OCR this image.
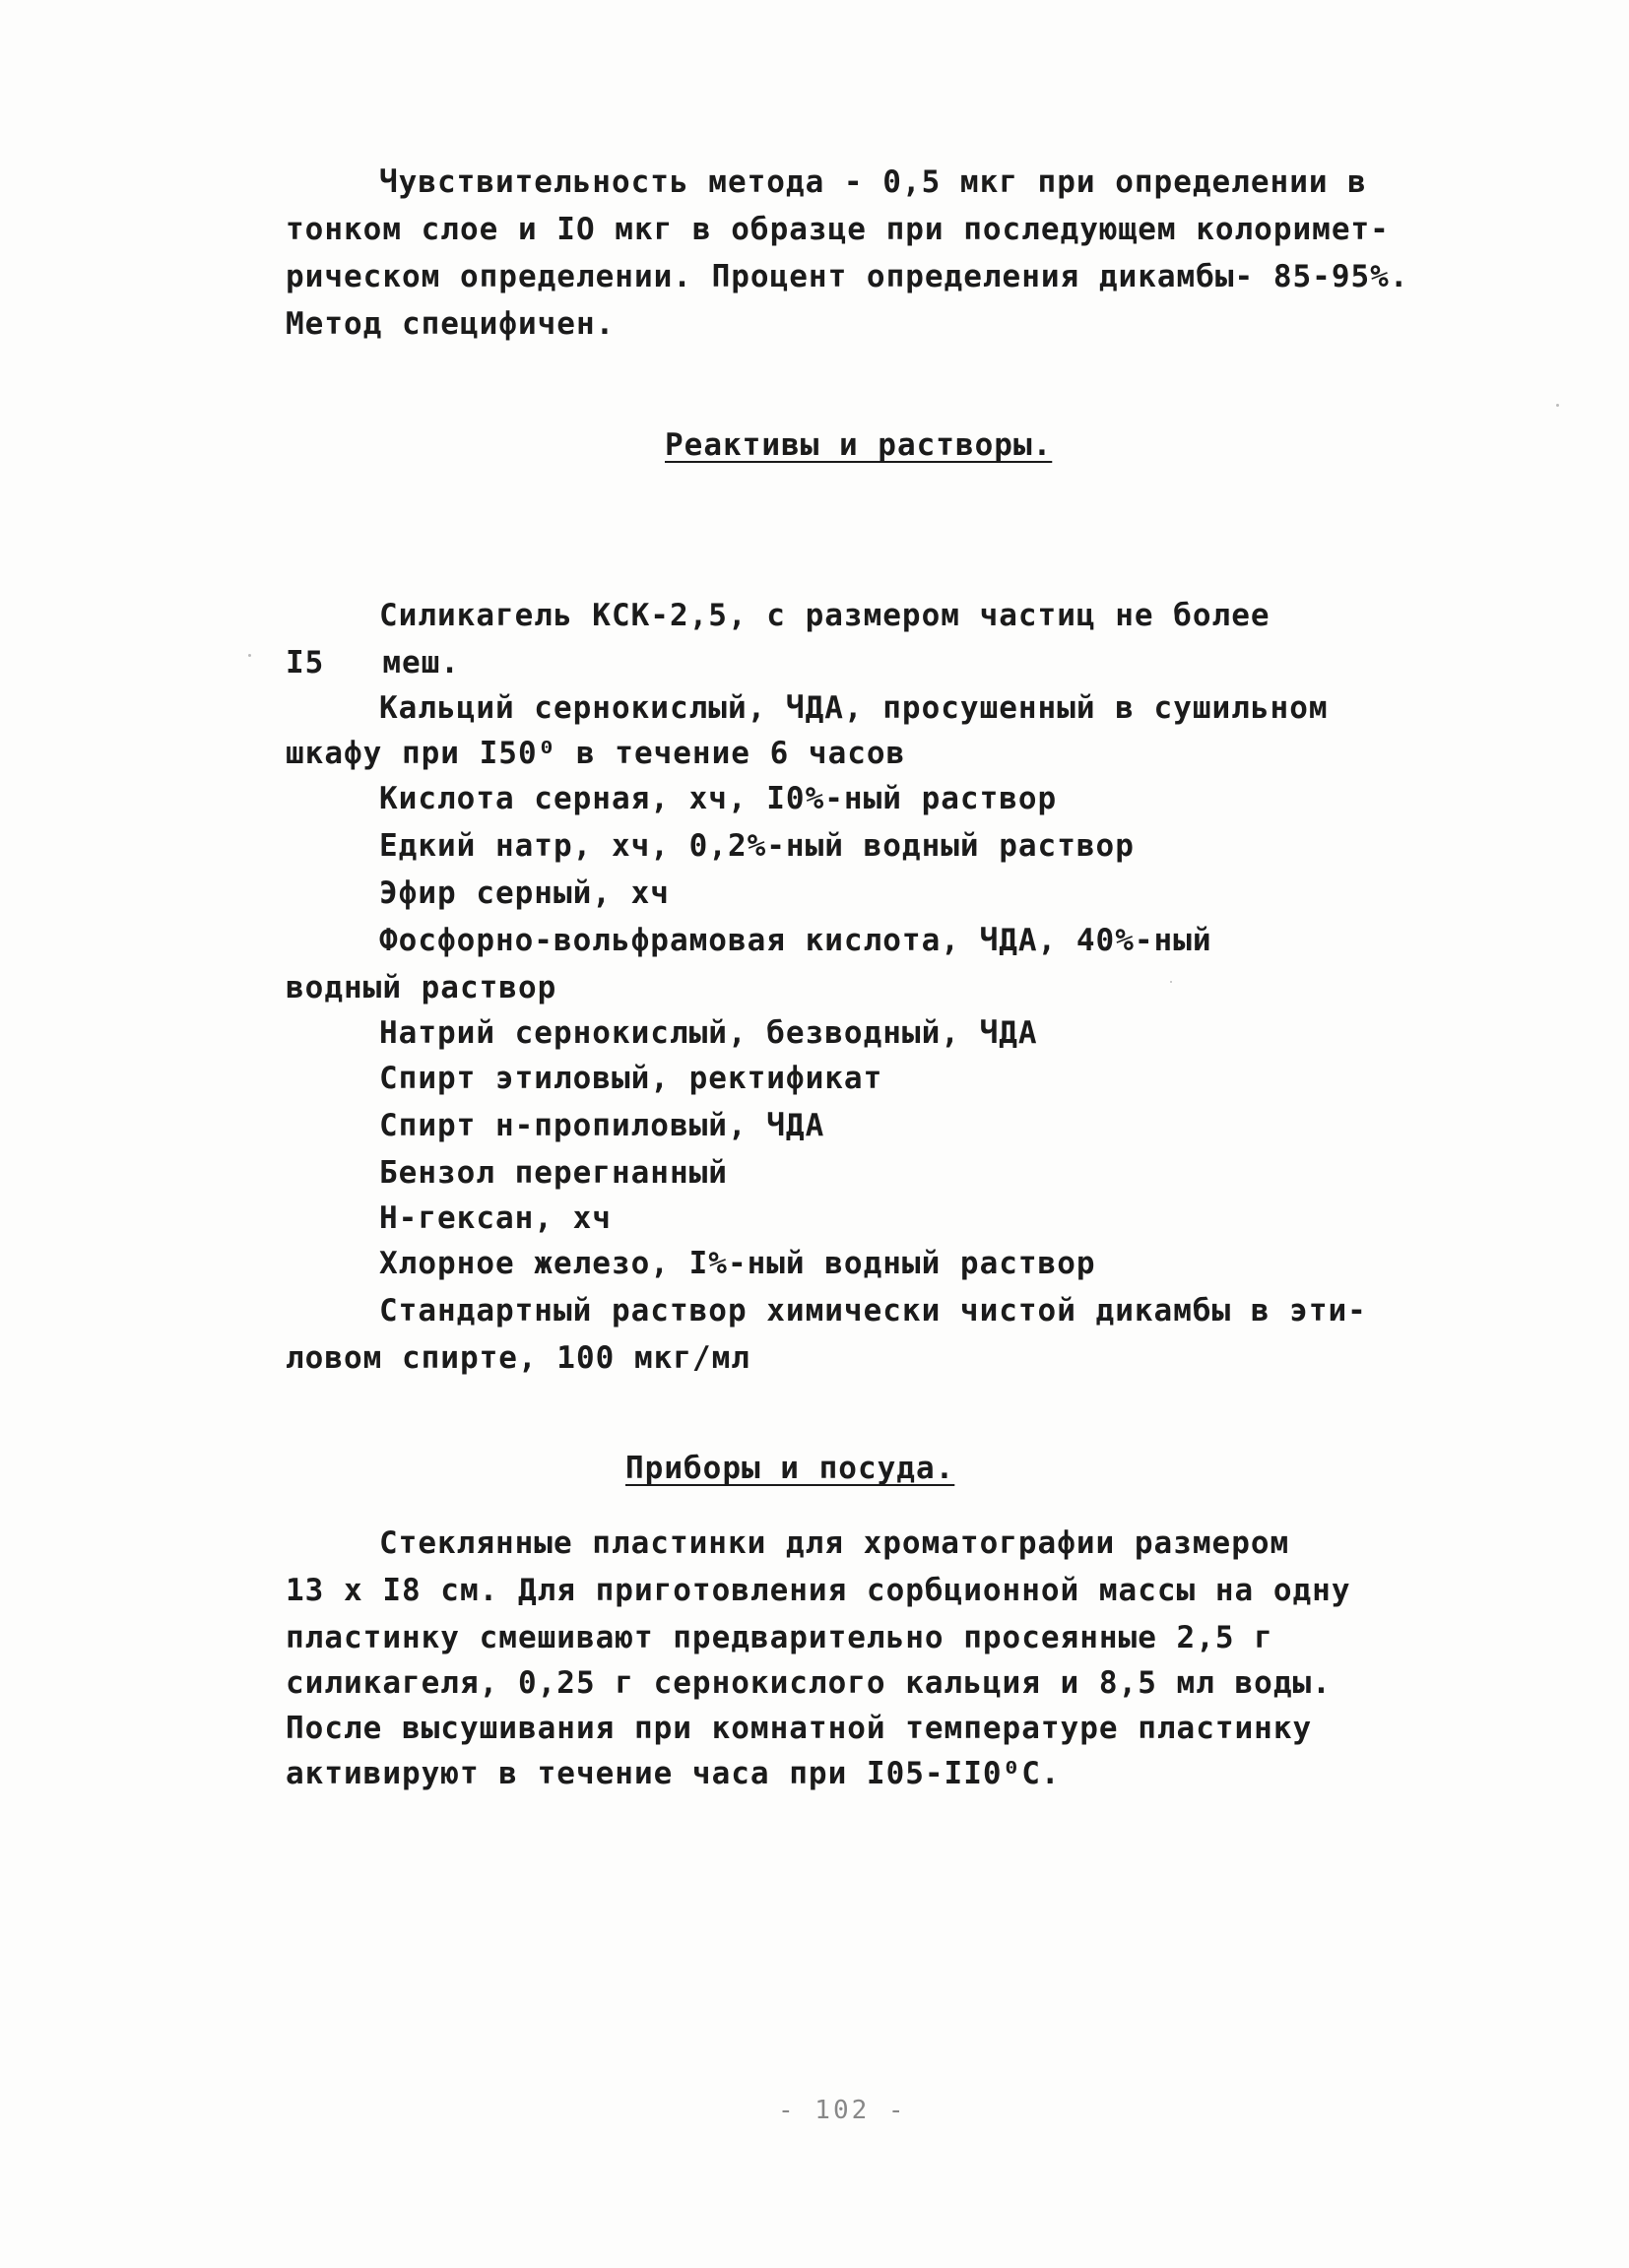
Чувствительность метода - 0,5 мкг при определении в
тонком слое и IO мкг в образце при последующем колоримет-
рическом определении. Процент определения дикамбы- 85-95%.
Метод специфичен.
Реактивы и растворы.
Силикагель КСК-2,5, с размером частиц не более
I5   меш.
Кальций сернокислый, ЧДА, просушенный в сушильном
шкафу при I50⁰ в течение 6 часов
Кислота серная, хч, I0%-ный раствор
Едкий натр, хч, 0,2%-ный водный раствор
Эфир серный, хч
Фосфорно-вольфрамовая кислота, ЧДА, 40%-ный
водный раствор
Натрий сернокислый, безводный, ЧДА
Спирт этиловый, ректификат
Спирт н-пропиловый, ЧДА
Бензол перегнанный
Н-гексан, хч
Хлорное железо, I%-ный водный раствор
Стандартный раствор химически чистой дикамбы в эти-
ловом спирте, 100 мкг/мл
Приборы и посуда.
Стеклянные пластинки для хроматографии размером
13 х I8 см. Для приготовления сорбционной массы на одну
пластинку смешивают предварительно просеянные 2,5 г
силикагеля, 0,25 г сернокислого кальция и 8,5 мл воды.
После высушивания при комнатной температуре пластинку
активируют в течение часа при I05-II0⁰С.
- 102 -
